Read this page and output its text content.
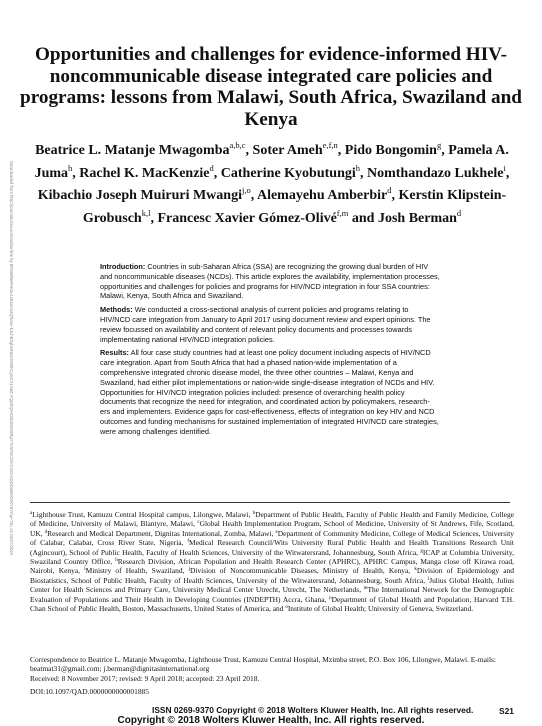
Opportunities and challenges for evidence-informed HIV-noncommunicable disease integrated care policies and programs: lessons from Malawi, South Africa, Swaziland and Kenya
Beatrice L. Matanje Mwagomba$^{a,b,c}$, Soter Ameh$^{e,f,n}$, Pido Bongomin$^g$, Pamela A. Juma$^h$, Rachel K. MacKenzie$^d$, Catherine Kyobutungi$^h$, Nomthandazo Lukhele$^i$, Kibachio Joseph Muiruri Mwangi$^{j,o}$, Alemayehu Amberbir$^d$, Kerstin Klipstein-Grobusch$^{k,l}$, Francesc Xavier Gómez-Olivé$^{f,m}$ and Josh Berman$^d$
Downloaded from http://journals.lww.com/aidsonline by BhDMf5ePHKav1zEoum1tQfN4a+kJLhEZgbsIHo4XMi0hCywCX1AWnYQp/IlQrHD3i3D0OdRyi7TvSFl4Cf3VC4/OAVpDDa8KKGKV0Ymy+78= on 02/27/2024	Introduction: Countries in sub-Saharan Africa (SSA) are recognizing the growing dual burden of HIV and noncommunicable diseases (NCDs). This article explores the availability, implementation processes, opportunities and challenges for policies and programs for HIV/NCD integration in four SSA countries: Malawi, Kenya, South Africa and Swaziland.

Methods: We conducted a cross-sectional analysis of current policies and programs relating to HIV/NCD care integration from January to April 2017 using document review and expert opinions. The review focussed on availability and content of relevant policy documents and processes towards implementating national HIV/NCD integration policies.

Results: All four case study countries had at least one policy document including aspects of HIV/NCD care integration. Apart from South Africa that had a phased nation-wide implementation of a comprehensive integrated chronic disease model, the three other countries – Malawi, Kenya and Swaziland, had either pilot implementations or nation-wide single-disease integration of NCDs and HIV. Opportunities for HIV/NCD integration policies included: presence of overarching health policy documents that recognize the need for integration, and coordinated action by policymakers, research-ers and implementers. Evidence gaps for cost-effectiveness, effects of integration on key HIV and NCD outcomes and funding mechanisms for sustained implementation of integrated HIV/NCD care strategies, were among challenges identified.

$^a$Lighthouse Trust, Kamuzu Central Hospital campus, Lilongwe, Malawi, $^b$Department of Public Health, Faculty of Public Health and Family Medicine, College of Medicine, University of Malawi, Blantyre, Malawi, $^c$Global Health Implementation Program, School of Medicine, University of St Andrews, Fife, Scotland, UK, $^d$Research and Medical Department, Dignitas International, Zomba, Malawi, $^e$Department of Community Medicine, College of Medical Sciences, University of Calabar, Calabar, Cross River State, Nigeria, $^f$Medical Research Council/Wits University Rural Public Health and Health Transitions Research Unit (Agincourt), School of Public Health, Faculty of Health Sciences, University of the Witwatersrand, Johannesburg, South Africa, $^g$ICAP at Columbia University, Swaziland Country Office, $^h$Research Division, African Population and Health Research Center (APHRC), APHRC Campus, Manga close off Kirawa road, Nairobi, Kenya, $^i$Ministry of Health, Swaziland, $^j$Division of Noncommunicable Diseases, Ministry of Health, Kenya, $^k$Division of Epidemiology and Biostatistics, School of Public Health, Faculty of Health Sciences, University of the Witwatersrand, Johannesburg, South Africa, $^l$Julius Global Health, Julius Center for Health Sciences and Primary Care, University Medical Center Utrecht, Utrecht, The Netherlands, $^m$The International Network for the Demographic Evaluation of Populations and Their Health in Developing Countries (INDEPTH) Accra, Ghana, $^n$Department of Global Health and Population, Harvard T.H. Chan School of Public Health, Boston, Massachusetts, United States of America, and $^o$Institute of Global Health; University of Geneva, Switzerland.
Correspondence to Beatrice L. Matanje Mwagomba, Lighthouse Trust, Kamuzu Central Hospital, Mzimba street, P.O. Box 106, Lilongwe, Malawi. E-mails: beatmat31@gmail.com; j.berman@dignitasinternational.org
Received: 8 November 2017; revised: 9 April 2018; accepted: 23 April 2018.
DOI:10.1097/QAD.0000000000001885
ISSN 0269-9370 Copyright © 2018 Wolters Kluwer Health, Inc. All rights reserved.	S21
Copyright © 2018 Wolters Kluwer Health, Inc. All rights reserved.
